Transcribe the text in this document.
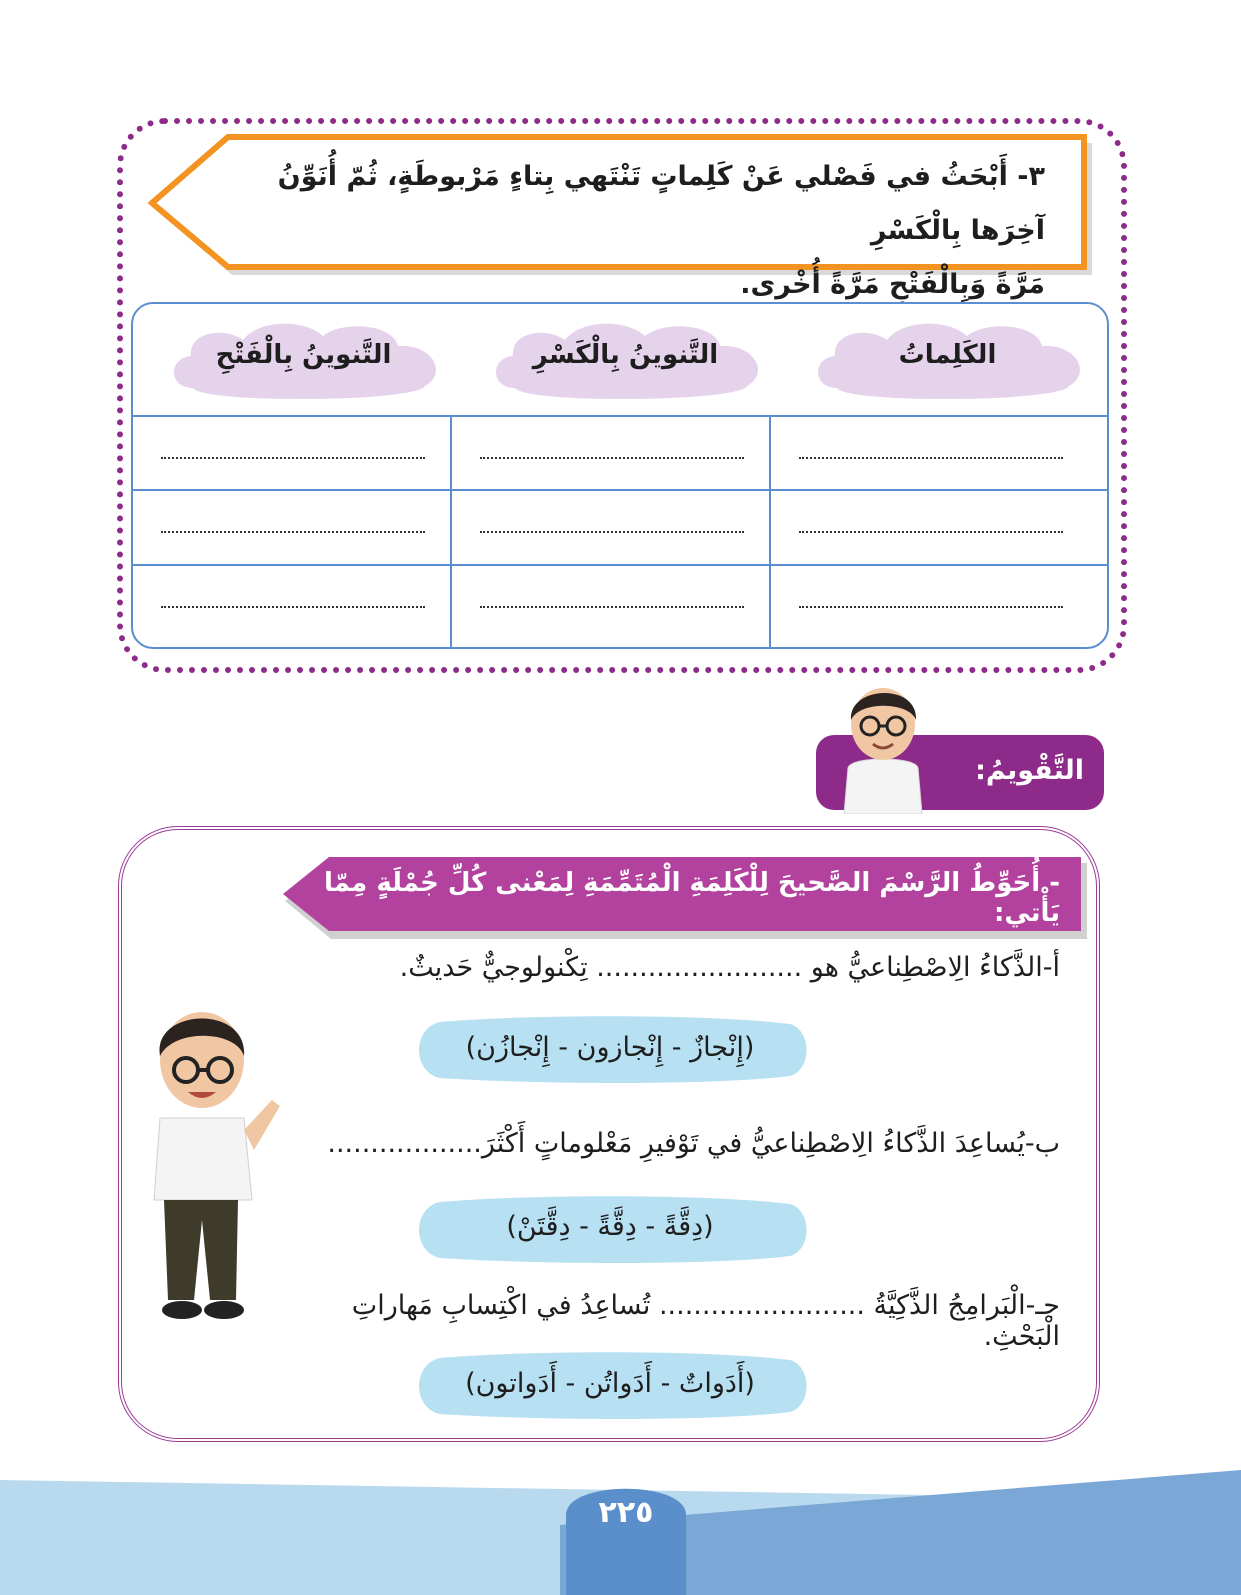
٣- أَبْحَثُ في فَصْلي عَنْ كَلِماتٍ تَنْتَهي بِتاءٍ مَرْبوطَةٍ، ثُمّ أُنَوِّنُ آخِرَها بِالْكَسْرِ
مَرَّةً وَبِالْفَتْحِ مَرَّةً أُخْرى.
الكَلِماتُ
التَّنوينُ بِالْكَسْرِ
التَّنوينُ بِالْفَتْحِ
التَّقْويمُ:
- أُحَوِّطُ الرَّسْمَ الصَّحيحَ لِلْكَلِمَةِ الْمُتَمِّمَةِ لِمَعْنى كُلِّ جُمْلَةٍ مِمّا يَأْتي:
أ-الذَّكاءُ الِاصْطِناعيُّ هو ........................ تِكْنولوجيٌّ حَديثٌ.
(إِنْجازٌ - إِنْجازون - إِنْجازُن)
ب-يُساعِدَ الذَّكاءُ الِاصْطِناعيُّ في تَوْفيرِ مَعْلوماتٍ أَكْثَرَ..................
(دِقَّةً - دِقَّةً - دِقَّتَنْ)
جـ-الْبَرامِجُ الذَّكِيَّةُ ........................ تُساعِدُ في اكْتِسابِ مَهاراتِ الْبَحْثِ.
(أَدَواتٌ - أَدَواتُن - أَدَواتون)
٢٢٥
